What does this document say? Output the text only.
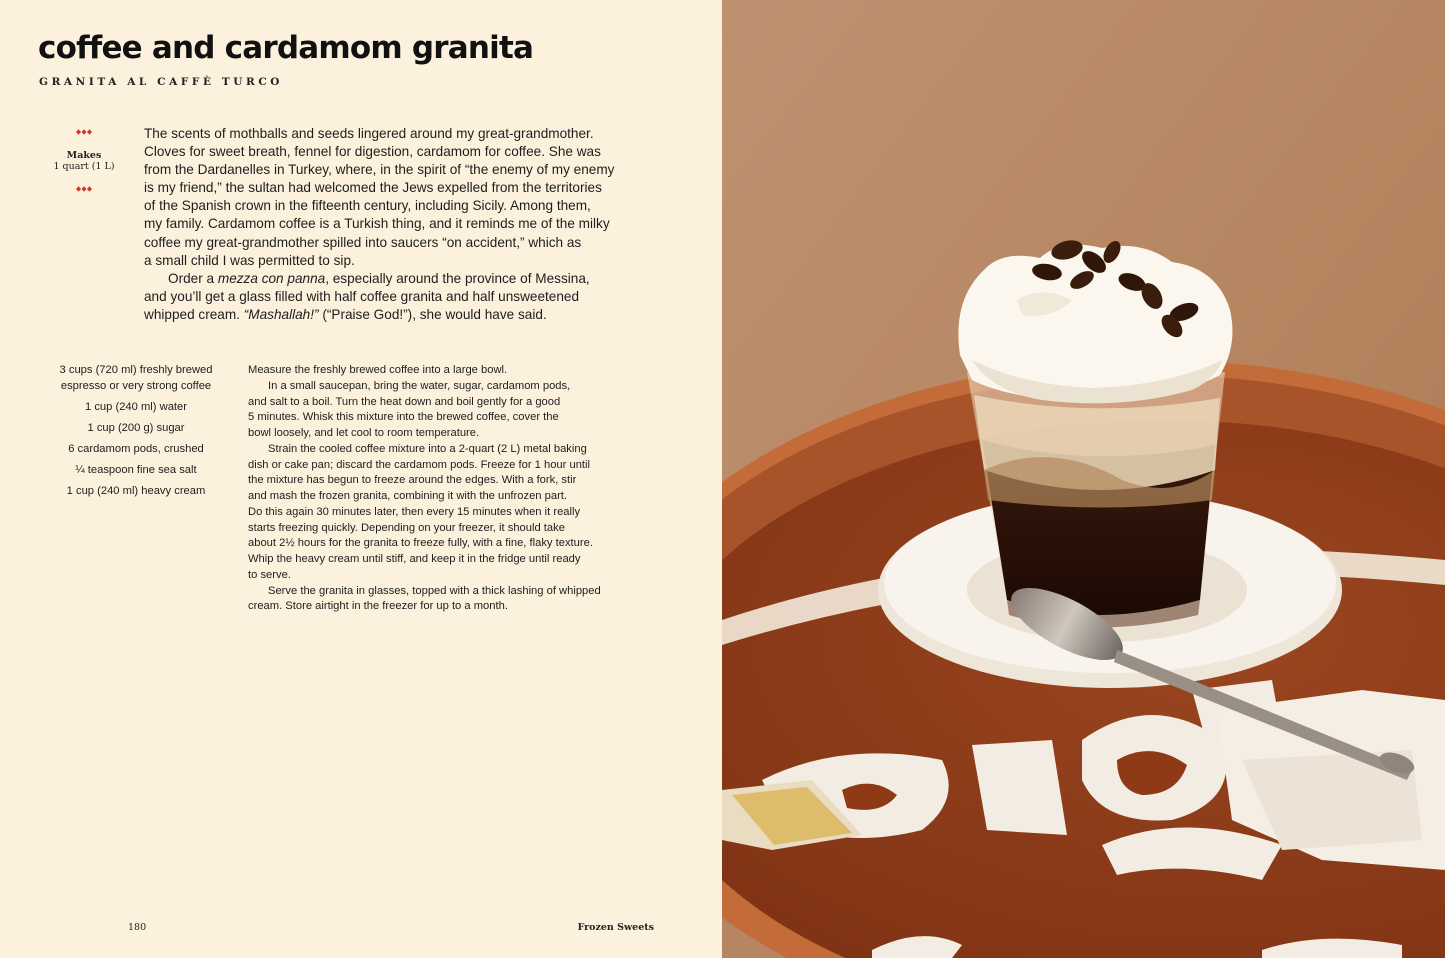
coffee and cardamom granita
GRANITA AL CAFFÈ TURCO
Makes
1 quart (1 L)

The scents of mothballs and seeds lingered around my great-grandmother.

Cloves for sweet breath, fennel for digestion, cardamom for coffee. She was

from the Dardanelles in Turkey, where, in the spirit of “the enemy of my enemy

is my friend,” the sultan had welcomed the Jews expelled from the territories

of the Spanish crown in the fifteenth century, including Sicily. Among them,

my family. Cardamom coffee is a Turkish thing, and it reminds me of the milky

coffee my great-grandmother spilled into saucers “on accident,” which as

a small child I was permitted to sip.

Order a mezza con panna, especially around the province of Messina,

and you’ll get a glass filled with half coffee granita and half unsweetened

whipped cream. “Mashallah!” (“Praise God!”), she would have said.

3 cups (720 ml) freshly brewed espresso or very strong coffee
1 cup (240 ml) water
1 cup (200 g) sugar
6 cardamom pods, crushed
¼ teaspoon fine sea salt
1 cup (240 ml) heavy cream

Measure the freshly brewed coffee into a large bowl.

In a small saucepan, bring the water, sugar, cardamom pods,

and salt to a boil. Turn the heat down and boil gently for a good

5 minutes. Whisk this mixture into the brewed coffee, cover the

bowl loosely, and let cool to room temperature.

Strain the cooled coffee mixture into a 2-quart (2 L) metal baking

dish or cake pan; discard the cardamom pods. Freeze for 1 hour until

the mixture has begun to freeze around the edges. With a fork, stir

and mash the frozen granita, combining it with the unfrozen part.

Do this again 30 minutes later, then every 15 minutes when it really

starts freezing quickly. Depending on your freezer, it should take

about 2½ hours for the granita to freeze fully, with a fine, flaky texture.

Whip the heavy cream until stiff, and keep it in the fridge until ready

to serve.

Serve the granita in glasses, topped with a thick lashing of whipped

cream. Store airtight in the freezer for up to a month.

180	Frozen Sweets
